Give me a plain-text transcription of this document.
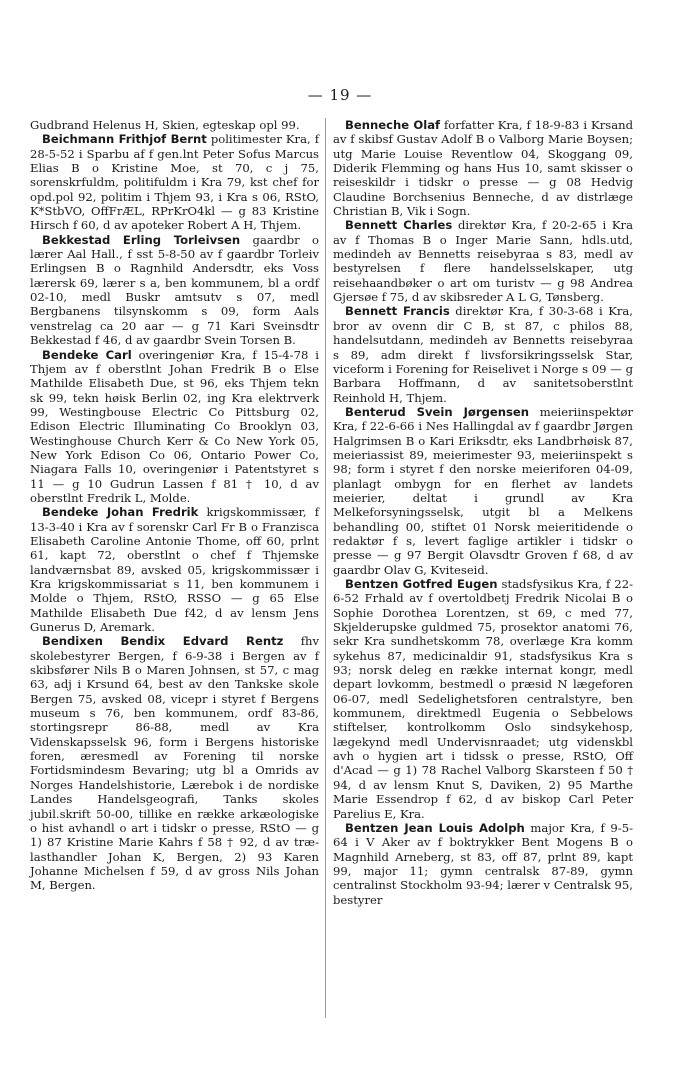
— 19 —

Gudbrand Helenus H, Skien, egteskap opl 99.

Beichmann Frithjof Bernt politimester Kra, f 28-5-52 i Sparbu af f gen.lnt Peter Sofus Marcus Elias B o Kristine Moe, st 70, c j 75, sorenskrfuldm, politifuldm i Kra 79, kst chef for opd.pol 92, politim i Thjem 93, i Kra s 06, RStO, K*StbVO, OffFrÆL, RPrKrO4kl — g 83 Kristine Hirsch f 60, d av apoteker Robert A H, Thjem.

Bekkestad Erling Torleivsen gaardbr o lærer Aal Hall., f sst 5-8-50 av f gaardbr Torleiv Erlingsen B o Ragnhild Andersdtr, eks Voss lærersk 69, lærer s a, ben kommunem, bl a ordf 02-10, medl Buskr amtsutv s 07, medl Bergbanens tilsynskomm s 09, form Aals venstrelag ca 20 aar — g 71 Kari Sveinsdtr Bekkestad f 46, d av gaardbr Svein Torsen B.

Bendeke Carl overingeniør Kra, f 15-4-78 i Thjem av f oberstlnt Johan Fredrik B o Else Mathilde Elisabeth Due, st 96, eks Thjem tekn sk 99, tekn høisk Berlin 02, ing Kra elektrverk 99, Westingbouse Electric Co Pittsburg 02, Edison Electric Illuminating Co Brooklyn 03, Westinghouse Church Kerr & Co New York 05, New York Edison Co 06, Ontario Power Co, Niagara Falls 10, overingeniør i Patentstyret s 11 — g 10 Gudrun Lassen f 81 † 10, d av oberstlnt Fredrik L, Molde.

Bendeke Johan Fredrik krigskommissær, f 13-3-40 i Kra av f sorenskr Carl Fr B o Franzisca Elisabeth Caroline Antonie Thome, off 60, prlnt 61, kapt 72, oberstlnt o chef f Thjemske landværnsbat 89, avsked 05, krigskommissær i Kra krigskommissariat s 11, ben kommunem i Molde o Thjem, RStO, RSSO — g 65 Else Mathilde Elisabeth Due f42, d av lensm Jens Gunerus D, Aremark.

Bendixen Bendix Edvard Rentz fhv skolebestyrer Bergen, f 6-9-38 i Bergen av f skibsfører Nils B o Maren Johnsen, st 57, c mag 63, adj i Krsund 64, best av den Tankske skole Bergen 75, avsked 08, vicepr i styret f Bergens museum s 76, ben kommunem, ordf 83-86, stortingsrepr 86-88, medl av Kra Videnskapsselsk 96, form i Bergens historiske foren, æresmedl av Forening til norske Fortidsmindesm Bevaring; utg bl a Omrids av Norges Handelshistorie, Lærebok i de nordiske Landes Handelsgeografi, Tanks skoles jubil.skrift 50-00, tillike en række arkæologiske o hist avhandl o art i tidskr o presse, RStO — g 1) 87 Kristine Marie Kahrs f 58 † 92, d av træ-lasthandler Johan K, Bergen, 2) 93 Karen Johanne Michelsen f 59, d av gross Nils Johan M, Bergen.

Benneche Olaf forfatter Kra, f 18-9-83 i Krsand av f skibsf Gustav Adolf B o Valborg Marie Boysen; utg Marie Louise Reventlow 04, Skoggang 09, Diderik Flemming og hans Hus 10, samt skisser o reiseskildr i tidskr o presse — g 08 Hedvig Claudine Borchsenius Benneche, d av distrlæge Christian B, Vik i Sogn.

Bennett Charles direktør Kra, f 20-2-65 i Kra av f Thomas B o Inger Marie Sann, hdls.utd, medindeh av Bennetts reisebyraa s 83, medl av bestyrelsen f flere handelsselskaper, utg reisehaandbøker o art om turistv — g 98 Andrea Gjersøe f 75, d av skibsreder A L G, Tønsberg.

Bennett Francis direktør Kra, f 30-3-68 i Kra, bror av ovenn dir C B, st 87, c philos 88, handelsutdann, medindeh av Bennetts reisebyraa s 89, adm direkt f livsforsikringsselsk Star, viceform i Forening for Reiselivet i Norge s 09 — g Barbara Hoffmann, d av sanitetsoberstlnt Reinhold H, Thjem.

Benterud Svein Jørgensen meieriinspektør Kra, f 22-6-66 i Nes Hallingdal av f gaardbr Jørgen Halgrimsen B o Kari Eriksdtr, eks Landbrhøisk 87, meieriassist 89, meierimester 93, meieriinspekt s 98; form i styret f den norske meieriforen 04-09, planlagt ombygn for en flerhet av landets meierier, deltat i grundl av Kra Melkeforsyningsselsk, utgit bl a Melkens behandling 00, stiftet 01 Norsk meieritidende o redaktør f s, levert faglige artikler i tidskr o presse — g 97 Bergit Olavsdtr Groven f 68, d av gaardbr Olav G, Kviteseid.

Bentzen Gotfred Eugen stadsfysikus Kra, f 22-6-52 Frhald av f overtoldbetj Fredrik Nicolai B o Sophie Dorothea Lorentzen, st 69, c med 77, Skjelderupske guldmed 75, prosektor anatomi 76, sekr Kra sundhetskomm 78, overlæge Kra komm sykehus 87, medicinaldir 91, stadsfysikus Kra s 93; norsk deleg en række internat kongr, medl depart lovkomm, bestmedl o præsid N lægeforen 06-07, medl Sedelighetsforen centralstyre, ben kommunem, direktmedl Eugenia o Sebbelows stiftelser, kontrolkomm Oslo sindsykehosp, lægekynd medl Undervisnraadet; utg videnskbl avh o hygien art i tidssk o presse, RStO, Off d'Acad — g 1) 78 Rachel Valborg Skarsteen f 50 † 94, d av lensm Knut S, Daviken, 2) 95 Marthe Marie Essendrop f 62, d av biskop Carl Peter Parelius E, Kra.

Bentzen Jean Louis Adolph major Kra, f 9-5-64 i V Aker av f boktrykker Bent Mogens B o Magnhild Arneberg, st 83, off 87, prlnt 89, kapt 99, major 11; gymn centralsk 87-89, gymn centralinst Stockholm 93-94; lærer v Centralsk 95, bestyrer
